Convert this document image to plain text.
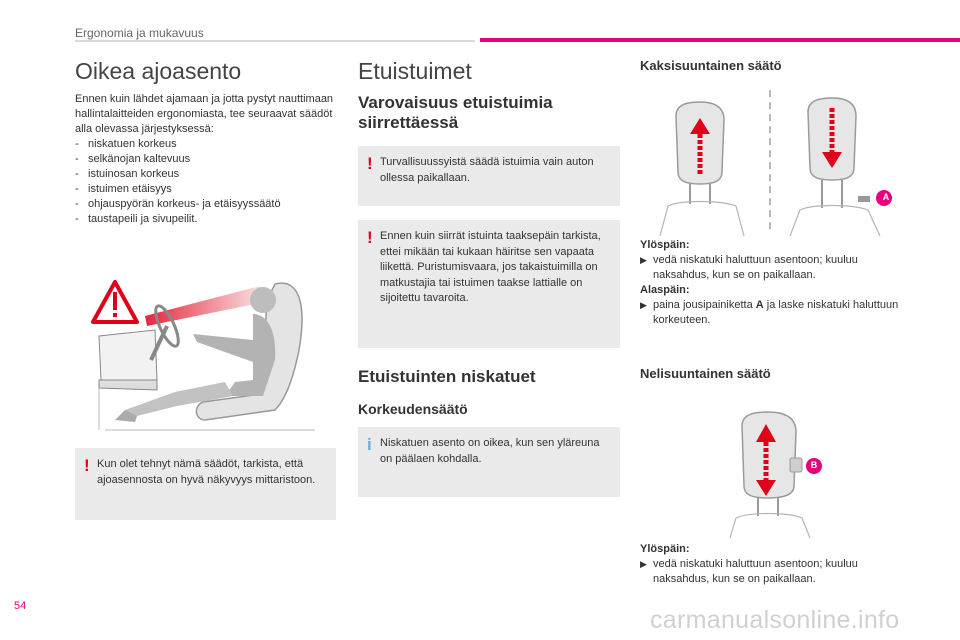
Ergonomia ja mukavuus
Oikea ajoasento
Ennen kuin lähdet ajamaan ja jotta pystyt nauttimaan hallintalaitteiden ergonomiasta, tee seuraavat säädöt alla olevassa järjestyksessä:
- niskatuen korkeus
- selkänojan kaltevuus
- istuinosan korkeus
- istuimen etäisyys
- ohjauspyörän korkeus- ja etäisyyssäätö
- taustapeili ja sivupeilit.
! Kun olet tehnyt nämä säädöt, tarkista, että ajoasennosta on hyvä näkyvyys mittaristoon.
Etuistuimet
Varovaisuus etuistuimia siirrettäessä
! Turvallisuussyistä säädä istuimia vain auton ollessa paikallaan.
! Ennen kuin siirrät istuinta taaksepäin tarkista, ettei mikään tai kukaan häiritse sen vapaata liikettä. Puristumisvaara, jos takaistuimilla on matkustajia tai istuimen taakse lattialle on sijoitettu tavaroita.
Etuistuinten niskatuet
Korkeudensäätö
i Niskatuen asento on oikea, kun sen yläreuna on päälaen kohdalla.
Kaksisuuntainen säätö
A
Ylöspäin:
▶ vedä niskatuki haluttuun asentoon; kuuluu naksahdus, kun se on paikallaan.
Alaspäin:
▶ paina jousipainiketta A ja laske niskatuki haluttuun korkeuteen.
Nelisuuntainen säätö
B
Ylöspäin:
▶ vedä niskatuki haluttuun asentoon; kuuluu naksahdus, kun se on paikallaan.
54	carmanualsonline.info
